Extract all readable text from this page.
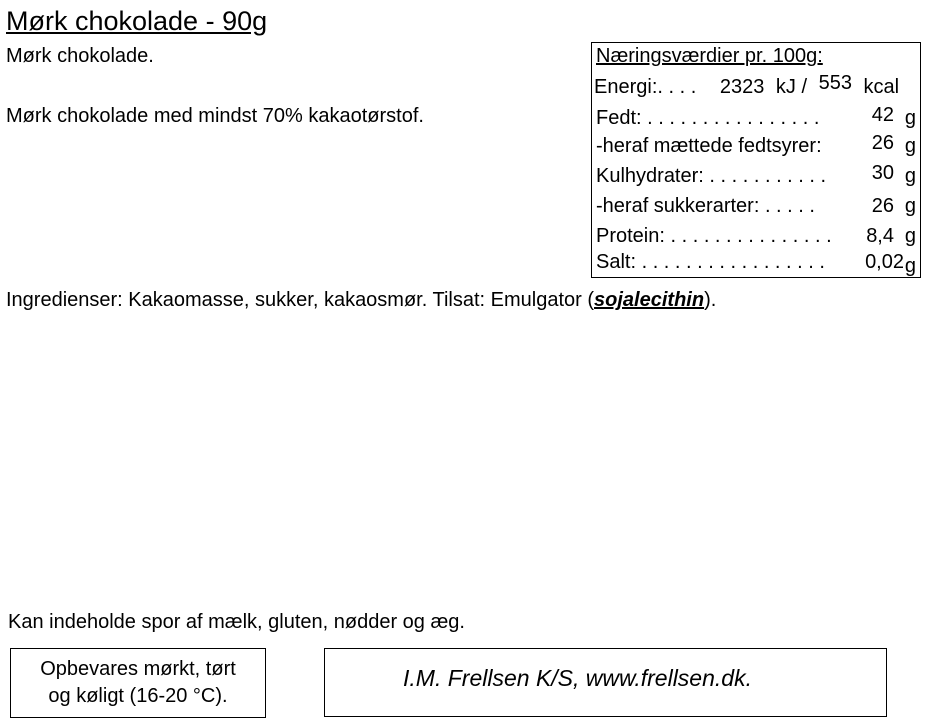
Mørk chokolade - 90g
Mørk chokolade.
Mørk chokolade med mindst 70% kakaotørstof.
Næringsværdier pr. 100g:
Energi:. . . . 2323 kJ / 553 kcal
Fedt: . . . . . . . . . . . . . . . .	42 g
-heraf mættede fedtsyrer:	26 g
Kulhydrater: . . . . . . . . . . . 30 g
-heraf sukkerarter: . . . . .	26 g
Protein: . . . . . . . . . . . . . . . 8,4 g
Salt: . . . . . . . . . . . . . . . . . 0,02 g
Ingredienser: Kakaomasse, sukker, kakaosmør. Tilsat: Emulgator (sojalecithin).
Kan indeholde spor af mælk, gluten, nødder og æg.
Opbevares mørkt, tørt
og køligt (16-20 °C).
I.M. Frellsen K/S, www.frellsen.dk.
